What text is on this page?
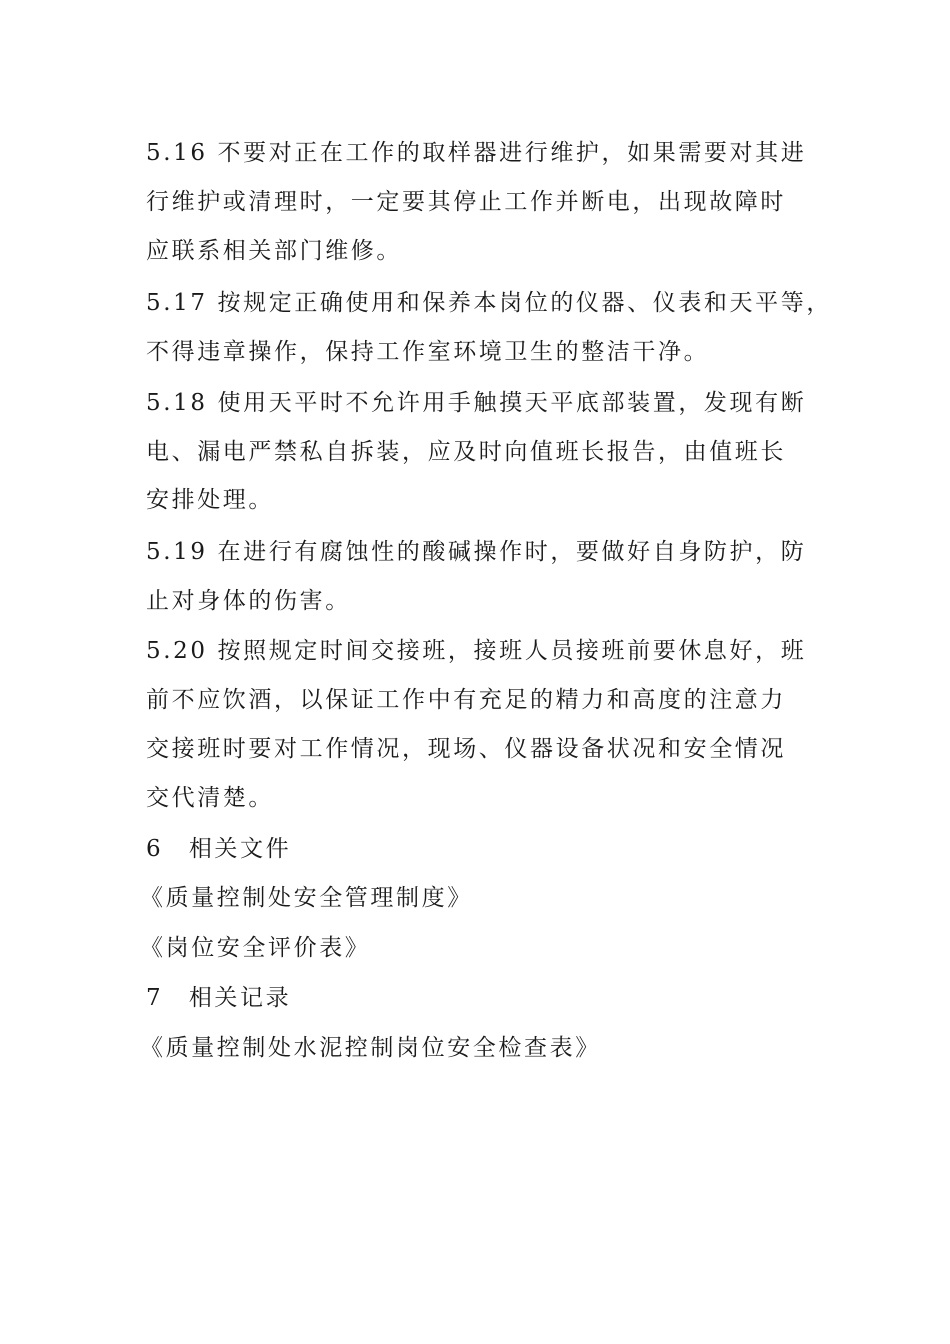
5.16 不要对正在工作的取样器进行维护，如果需要对其进
行维护或清理时，一定要其停止工作并断电，出现故障时
应联系相关部门维修。
5.17 按规定正确使用和保养本岗位的仪器、仪表和天平等，
不得违章操作，保持工作室环境卫生的整洁干净。
5.18 使用天平时不允许用手触摸天平底部装置，发现有断
电、漏电严禁私自拆装，应及时向值班长报告，由值班长
安排处理。
5.19 在进行有腐蚀性的酸碱操作时，要做好自身防护，防
止对身体的伤害。
5.20 按照规定时间交接班，接班人员接班前要休息好，班
前不应饮酒，以保证工作中有充足的精力和高度的注意力
交接班时要对工作情况，现场、仪器设备状况和安全情况
交代清楚。
6　相关文件
《质量控制处安全管理制度》
《岗位安全评价表》
7　相关记录
《质量控制处水泥控制岗位安全检查表》
